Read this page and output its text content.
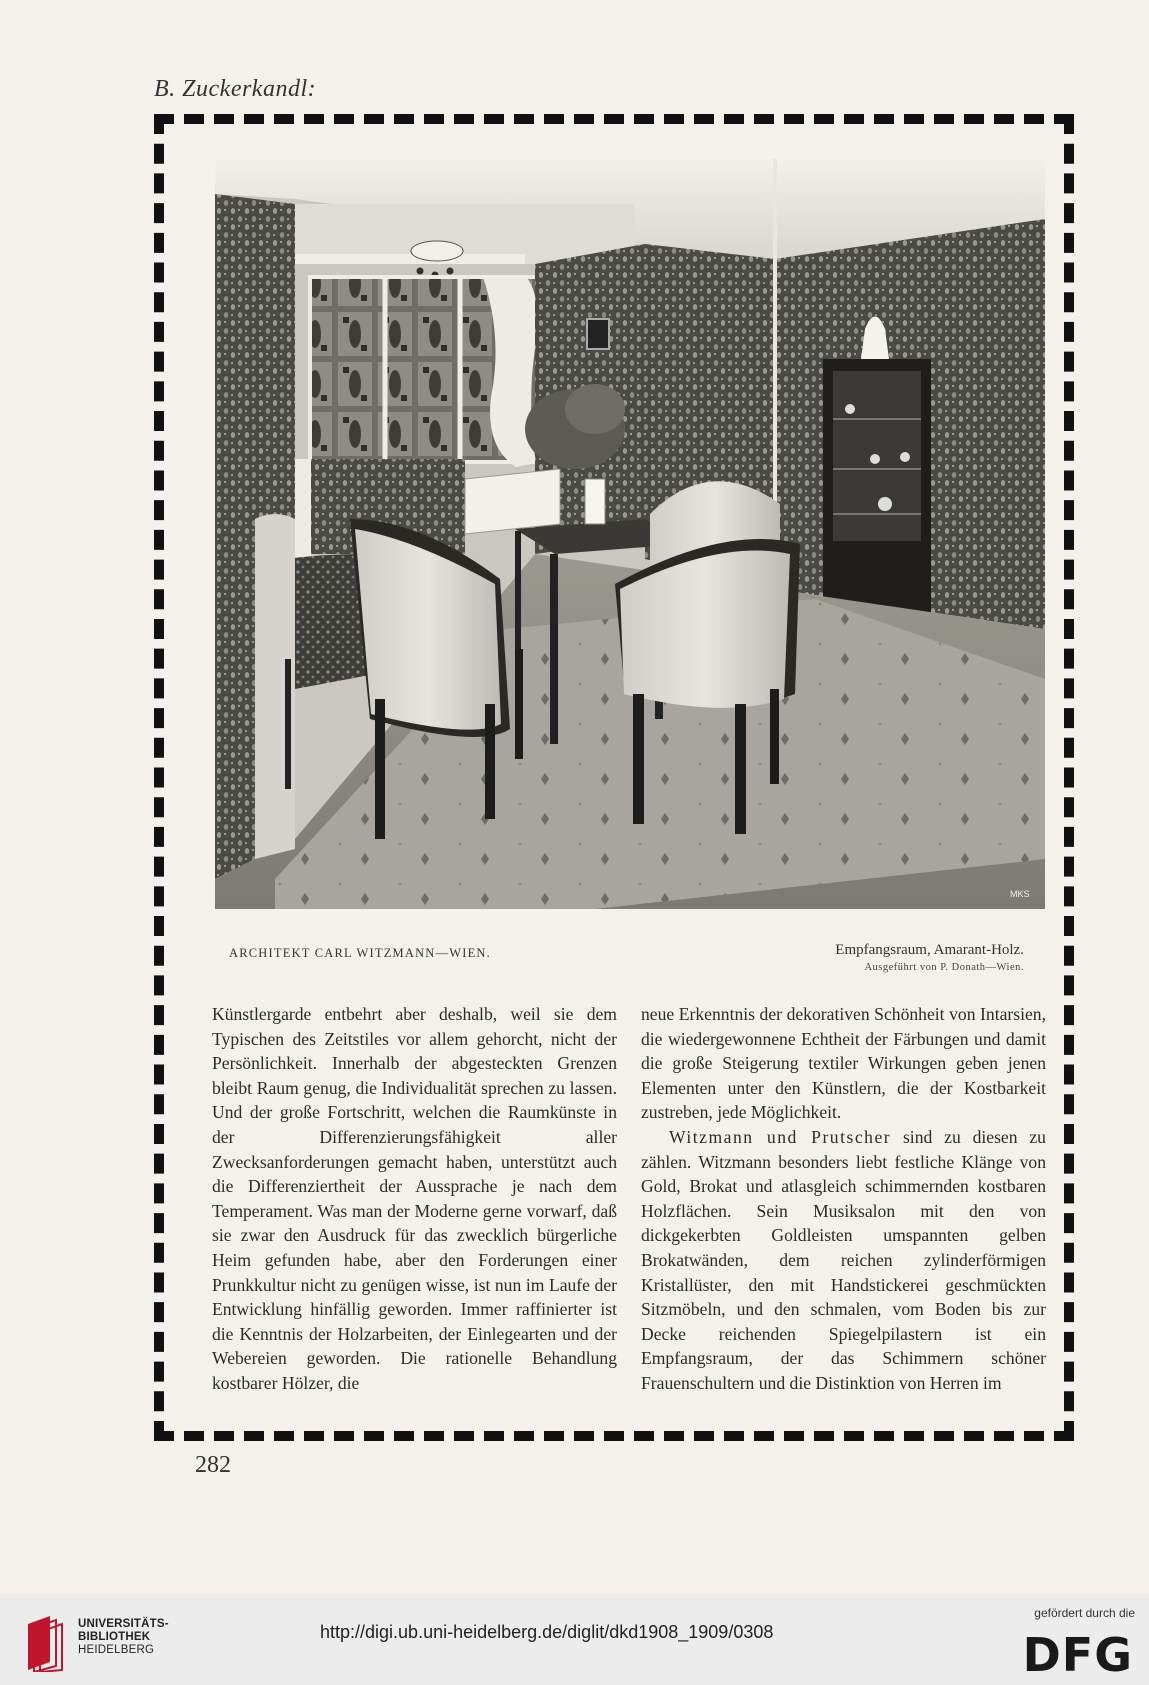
B. Zuckerkandl:
MKS
ARCHITEKT CARL WITZMANN—WIEN.	Empfangsraum, Amarant-Holz.
Ausgeführt von P. Donath—Wien.

Künstlergarde entbehrt aber deshalb, weil sie dem Typischen des Zeitstiles vor allem gehorcht, nicht der Persönlichkeit. Innerhalb der abgesteckten Grenzen bleibt Raum genug, die Individualität sprechen zu lassen. Und der große Fortschritt, welchen die Raumkünste in der Differenzierungsfähigkeit aller Zwecksanforderungen gemacht haben, unterstützt auch die Differenziertheit der Aussprache je nach dem Temperament. Was man der Moderne gerne vorwarf, daß sie zwar den Ausdruck für das zwecklich bürgerliche Heim gefunden habe, aber den Forderungen einer Prunkkultur nicht zu genügen wisse, ist nun im Laufe der Entwicklung hinfällig geworden. Immer raffinierter ist die Kenntnis der Holzarbeiten, der Einlegearten und der Webereien geworden. Die rationelle Behandlung kostbarer Hölzer, die

neue Erkenntnis der dekorativen Schönheit von Intarsien, die wiedergewonnene Echtheit der Färbungen und damit die große Steigerung textiler Wirkungen geben jenen Elementen unter den Künstlern, die der Kostbarkeit zustreben, jede Möglichkeit.

Witzmann und Prutscher sind zu diesen zu zählen. Witzmann besonders liebt festliche Klänge von Gold, Brokat und atlasgleich schimmernden kostbaren Holzflächen. Sein Musiksalon mit den von dickgekerbten Goldleisten umspannten gelben Brokatwänden, dem reichen zylinderförmigen Kristallüster, den mit Handstickerei geschmückten Sitzmöbeln, und den schmalen, vom Boden bis zur Decke reichenden Spiegelpilastern ist ein Empfangsraum, der das Schimmern schöner Frauenschultern und die Distinktion von Herren im

282
UNIVERSITÄTS-
BIBLIOTHEK
HEIDELBERG
http://digi.ub.uni-heidelberg.de/diglit/dkd1908_1909/0308
gefördert durch die
DFG
